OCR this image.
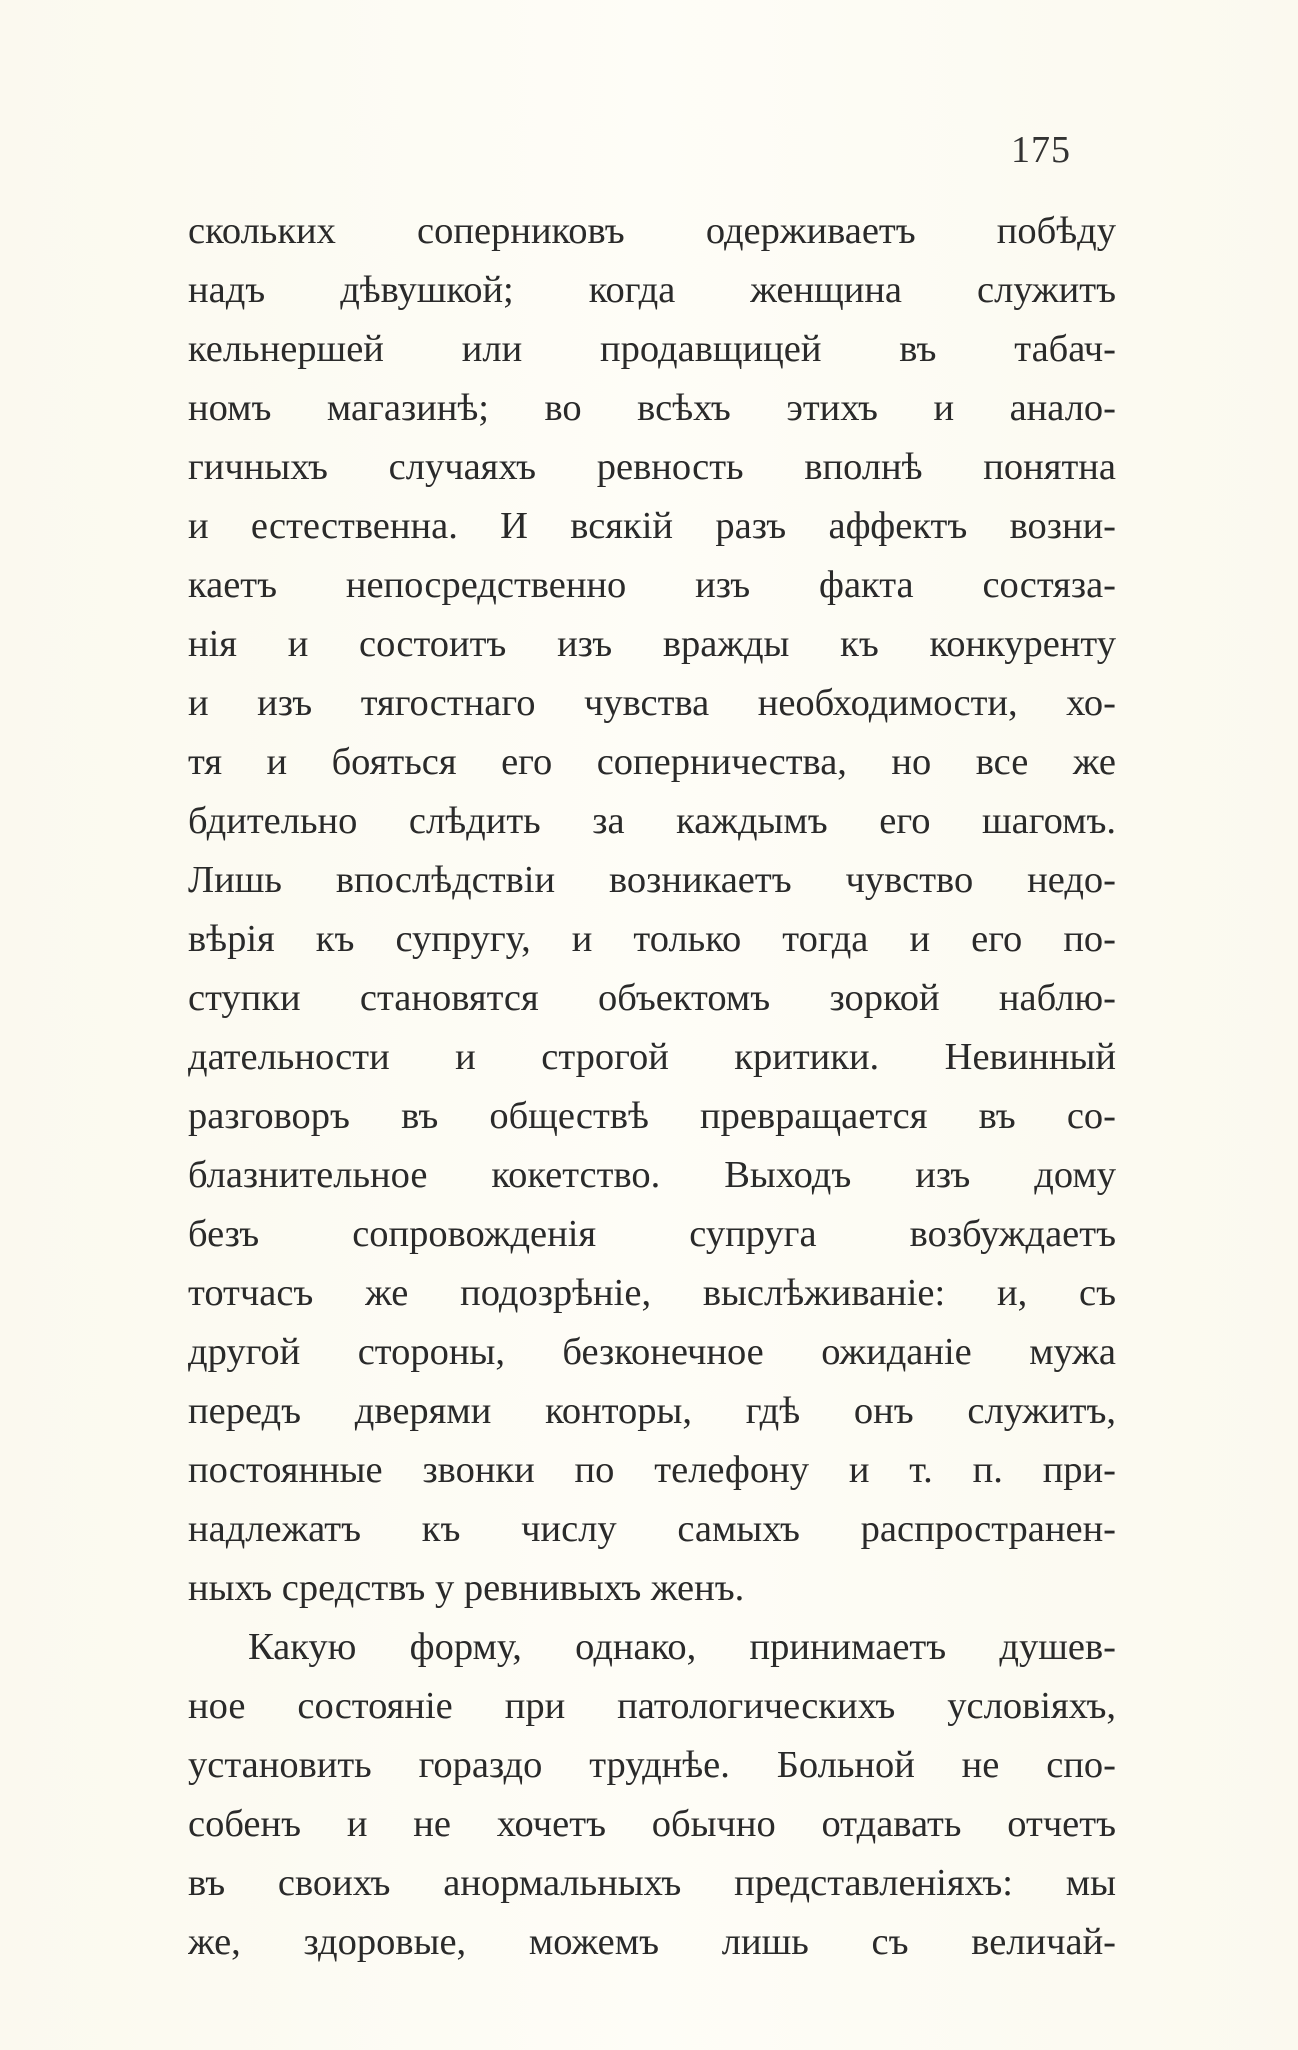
175
скольких соперниковъ одерживаетъ побѣду
надъ дѣвушкой; когда женщина служитъ
кельнершей или продавщицей въ табач-
номъ магазинѣ; во всѣхъ этихъ и анало-
гичныхъ случаяхъ ревность вполнѣ понятна
и естественна. И всякій разъ аффектъ возни-
каетъ непосредственно изъ факта состяза-
нія и состоитъ изъ вражды къ конкуренту
и изъ тягостнаго чувства необходимости, хо-
тя и бояться его соперничества, но все же
бдительно слѣдить за каждымъ его шагомъ.
Лишь впослѣдствіи возникаетъ чувство недо-
вѣрія къ супругу, и только тогда и его по-
ступки становятся объектомъ зоркой наблю-
дательности и строгой критики. Невинный
разговоръ въ обществѣ превращается въ со-
блазнительное кокетство. Выходъ изъ дому
безъ сопровожденія супруга возбуждаетъ
тотчасъ же подозрѣніе, выслѣживаніе: и, съ
другой стороны, безконечное ожиданіе мужа
передъ дверями конторы, гдѣ онъ служитъ,
постоянные звонки по телефону и т. п. при-
надлежатъ къ числу самыхъ распространен-
ныхъ средствъ у ревнивыхъ женъ.
Какую форму, однако, принимаетъ душев-
ное состояніе при патологическихъ условіяхъ,
установить гораздо труднѣе. Больной не спо-
собенъ и не хочетъ обычно отдавать отчетъ
въ своихъ анормальныхъ представленіяхъ: мы
же, здоровые, можемъ лишь съ величай-
